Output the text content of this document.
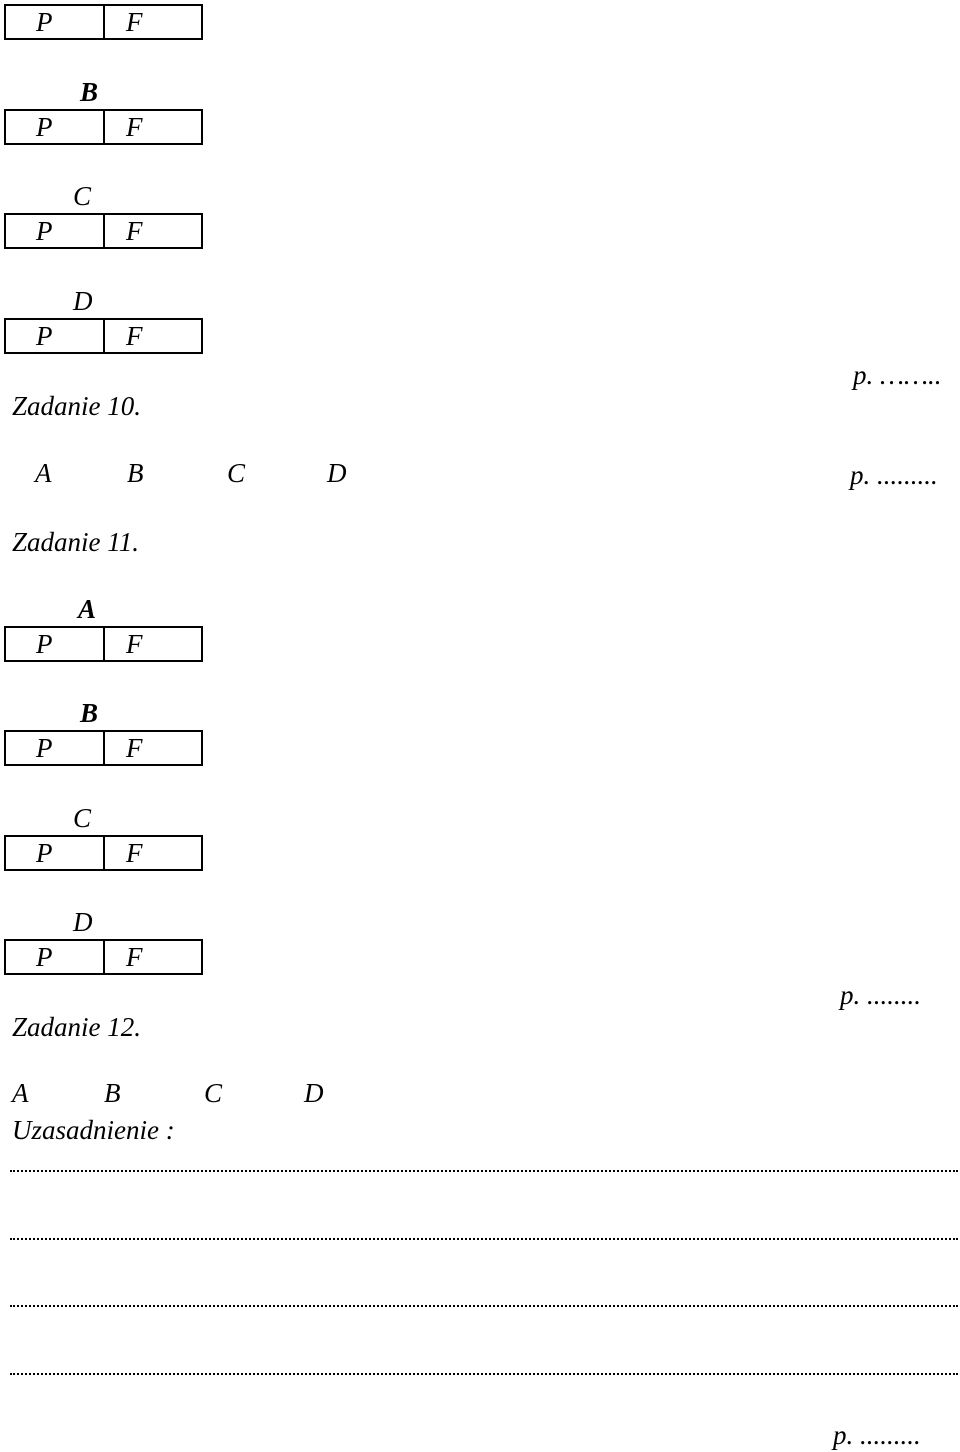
P	F
B
P	F
C
P	F
D
P	F
p. ……..
Zadanie 10.
A	B	C	D	p. .........
Zadanie 11.
A
P	F
B
P	F
C
P	F
D
P	F
p. ........
Zadanie 12.
A	B	C	D
Uzasadnienie :
p. .........
